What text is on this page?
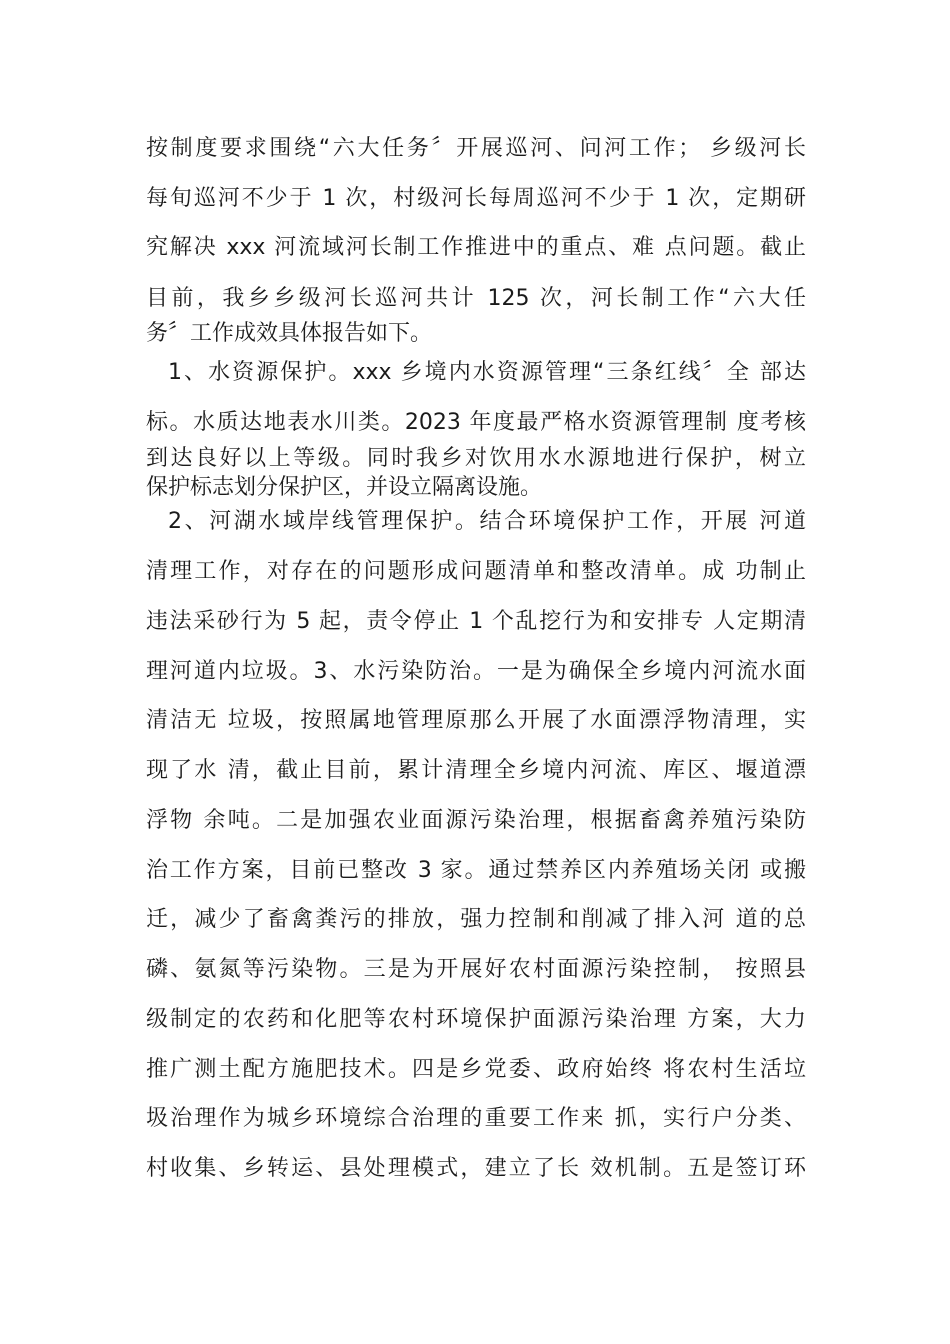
按制度要求围绕“六大任务〞开展巡河、问河工作； 乡级河长
每旬巡河不少于 1 次，村级河长每周巡河不少于 1 次，定期研
究解决 xxx 河流域河长制工作推进中的重点、难 点问题。截止
目前，我乡乡级河长巡河共计 125 次，河长制工作“六大任
务〞工作成效具体报告如下。
1、水资源保护。xxx 乡境内水资源管理“三条红线〞全 部达
标。水质达地表水川类。2023 年度最严格水资源管理制 度考核
到达良好以上等级。同时我乡对饮用水水源地进行保护，树立
保护标志划分保护区，并设立隔离设施。
2、河湖水域岸线管理保护。结合环境保护工作，开展 河道
清理工作，对存在的问题形成问题清单和整改清单。成 功制止
违法采砂行为 5 起，责令停止 1 个乱挖行为和安排专 人定期清
理河道内垃圾。3、水污染防治。一是为确保全乡境内河流水面
清洁无 垃圾，按照属地管理原那么开展了水面漂浮物清理，实
现了水 清，截止目前，累计清理全乡境内河流、库区、堰道漂
浮物 余吨。二是加强农业面源污染治理，根据畜禽养殖污染防
治工作方案，目前已整改 3 家。通过禁养区内养殖场关闭 或搬
迁，减少了畜禽粪污的排放，强力控制和削减了排入河 道的总
磷、氨氮等污染物。三是为开展好农村面源污染控制， 按照县
级制定的农药和化肥等农村环境保护面源污染治理 方案，大力
推广测土配方施肥技术。四是乡党委、政府始终 将农村生活垃
圾治理作为城乡环境综合治理的重要工作来 抓，实行户分类、
村收集、乡转运、县处理模式，建立了长 效机制。五是签订环
